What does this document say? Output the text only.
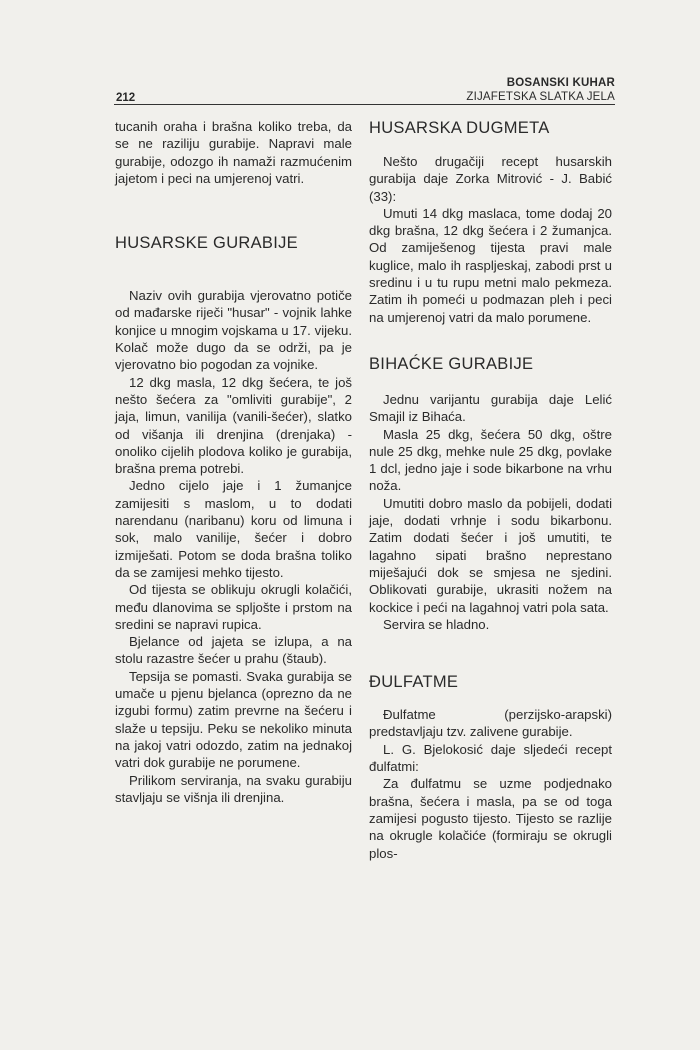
BOSANSKI KUHAR
ZIJAFETSKA SLATKA JELA
212

tucanih oraha i brašna koliko treba, da se ne raziliju gurabije. Napravi male gurabije, odozgo ih namaži razmućenim jajetom i peci na umjerenoj vatri.

HUSARSKE GURABIJE

Naziv ovih gurabija vjerovatno potiče od mađarske riječi "husar" - vojnik lahke konjice u mnogim vojskama u 17. vijeku. Kolač može dugo da se održi, pa je vjerovatno bio pogodan za vojnike.

12 dkg masla, 12 dkg šećera, te još nešto šećera za "omliviti gurabije", 2 jaja, limun, vanilija (vanili-šećer), slatko od višanja ili drenjina (drenjaka) - onoliko cijelih plodova koliko je gurabija, brašna prema potrebi.

Jedno cijelo jaje i 1 žumanjce zamijesiti s maslom, u to dodati narendanu (naribanu) koru od limuna i sok, malo vanilije, šećer i dobro izmiješati. Potom se doda brašna toliko da se zamijesi mehko tijesto.

Od tijesta se oblikuju okrugli kolačići, među dlanovima se spljošte i prstom na sredini se napravi rupica.

Bjelance od jajeta se izlupa, a na stolu razastre šećer u prahu (štaub).

Tepsija se pomasti. Svaka gurabija se umače u pjenu bjelanca (oprezno da ne izgubi formu) zatim prevrne na šećeru i slaže u tepsiju. Peku se nekoliko minuta na jakoj vatri odozdo, zatim na jednakoj vatri dok gurabije ne porumene.

Prilikom serviranja, na svaku gurabiju stavljaju se višnja ili drenjina.

HUSARSKA DUGMETA

Nešto drugačiji recept husarskih gurabija daje Zorka Mitrović - J. Babić (33):

Umuti 14 dkg maslaca, tome dodaj 20 dkg brašna, 12 dkg šećera i 2 žumanjca. Od zamiješenog tijesta pravi male kuglice, malo ih raspljeskaj, zabodi prst u sredinu i u tu rupu metni malo pekmeza. Zatim ih pomeći u podmazan pleh i peci na umjerenoj vatri da malo porumene.

BIHAĆKE GURABIJE

Jednu varijantu gurabija daje Lelić Smajil iz Bihaća.

Masla 25 dkg, šećera 50 dkg, oštre nule 25 dkg, mehke nule 25 dkg, povlake 1 dcl, jedno jaje i sode bikarbone na vrhu noža.

Umutiti dobro maslo da pobijeli, dodati jaje, dodati vrhnje i sodu bikarbonu. Zatim dodati šećer i još umutiti, te lagahno sipati brašno neprestano miješajući dok se smjesa ne sjedini. Oblikovati gurabije, ukrasiti nožem na kockice i peći na lagahnoj vatri pola sata.

Servira se hladno.

ĐULFATME

Đulfatme (perzijsko-arapski) predstavljaju tzv. zalivene gurabije.

L. G. Bjelokosić daje sljedeći recept đulfatmi:

Za đulfatmu se uzme podjednako brašna, šećera i masla, pa se od toga zamijesi pogusto tijesto. Tijesto se razlije na okrugle kolačiće (formiraju se okrugli plos-
